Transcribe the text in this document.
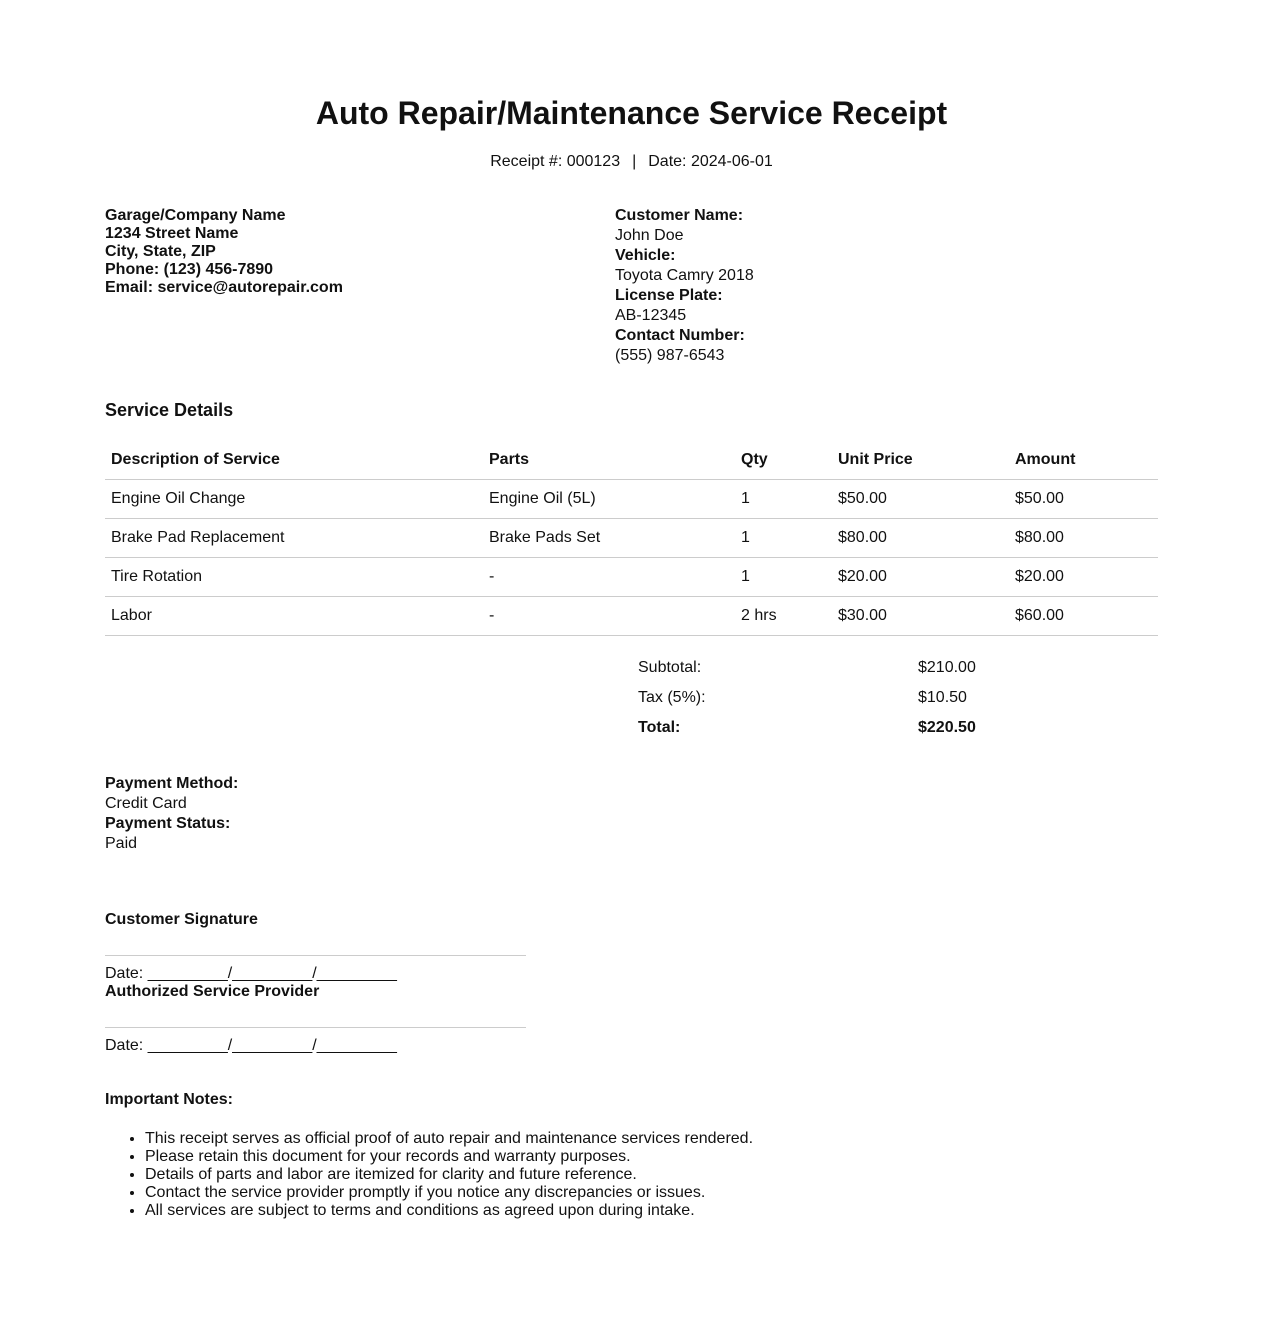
Auto Repair/Maintenance Service Receipt
Receipt #: 000123 | Date: 2024-06-01
Garage/Company Name
1234 Street Name
City, State, ZIP
Phone: (123) 456-7890
Email: service@autorepair.com
Customer Name:
John Doe
Vehicle:
Toyota Camry 2018
License Plate:
AB-12345
Contact Number:
(555) 987-6543
Service Details
Description of Service	Parts	Qty	Unit Price	Amount
Engine Oil Change	Engine Oil (5L)	1	$50.00	$50.00
Brake Pad Replacement	Brake Pads Set	1	$80.00	$80.00
Tire Rotation	-	1	$20.00	$20.00
Labor	-	2 hrs	$30.00	$60.00
Subtotal:	$210.00
Tax (5%):	$10.50
Total:	$220.50
Payment Method:
Credit Card
Payment Status:
Paid
Customer Signature
Date: _________/_________/_________
Authorized Service Provider
Date: _________/_________/_________
Important Notes:
• This receipt serves as official proof of auto repair and maintenance services rendered.
• Please retain this document for your records and warranty purposes.
• Details of parts and labor are itemized for clarity and future reference.
• Contact the service provider promptly if you notice any discrepancies or issues.
• All services are subject to terms and conditions as agreed upon during intake.
